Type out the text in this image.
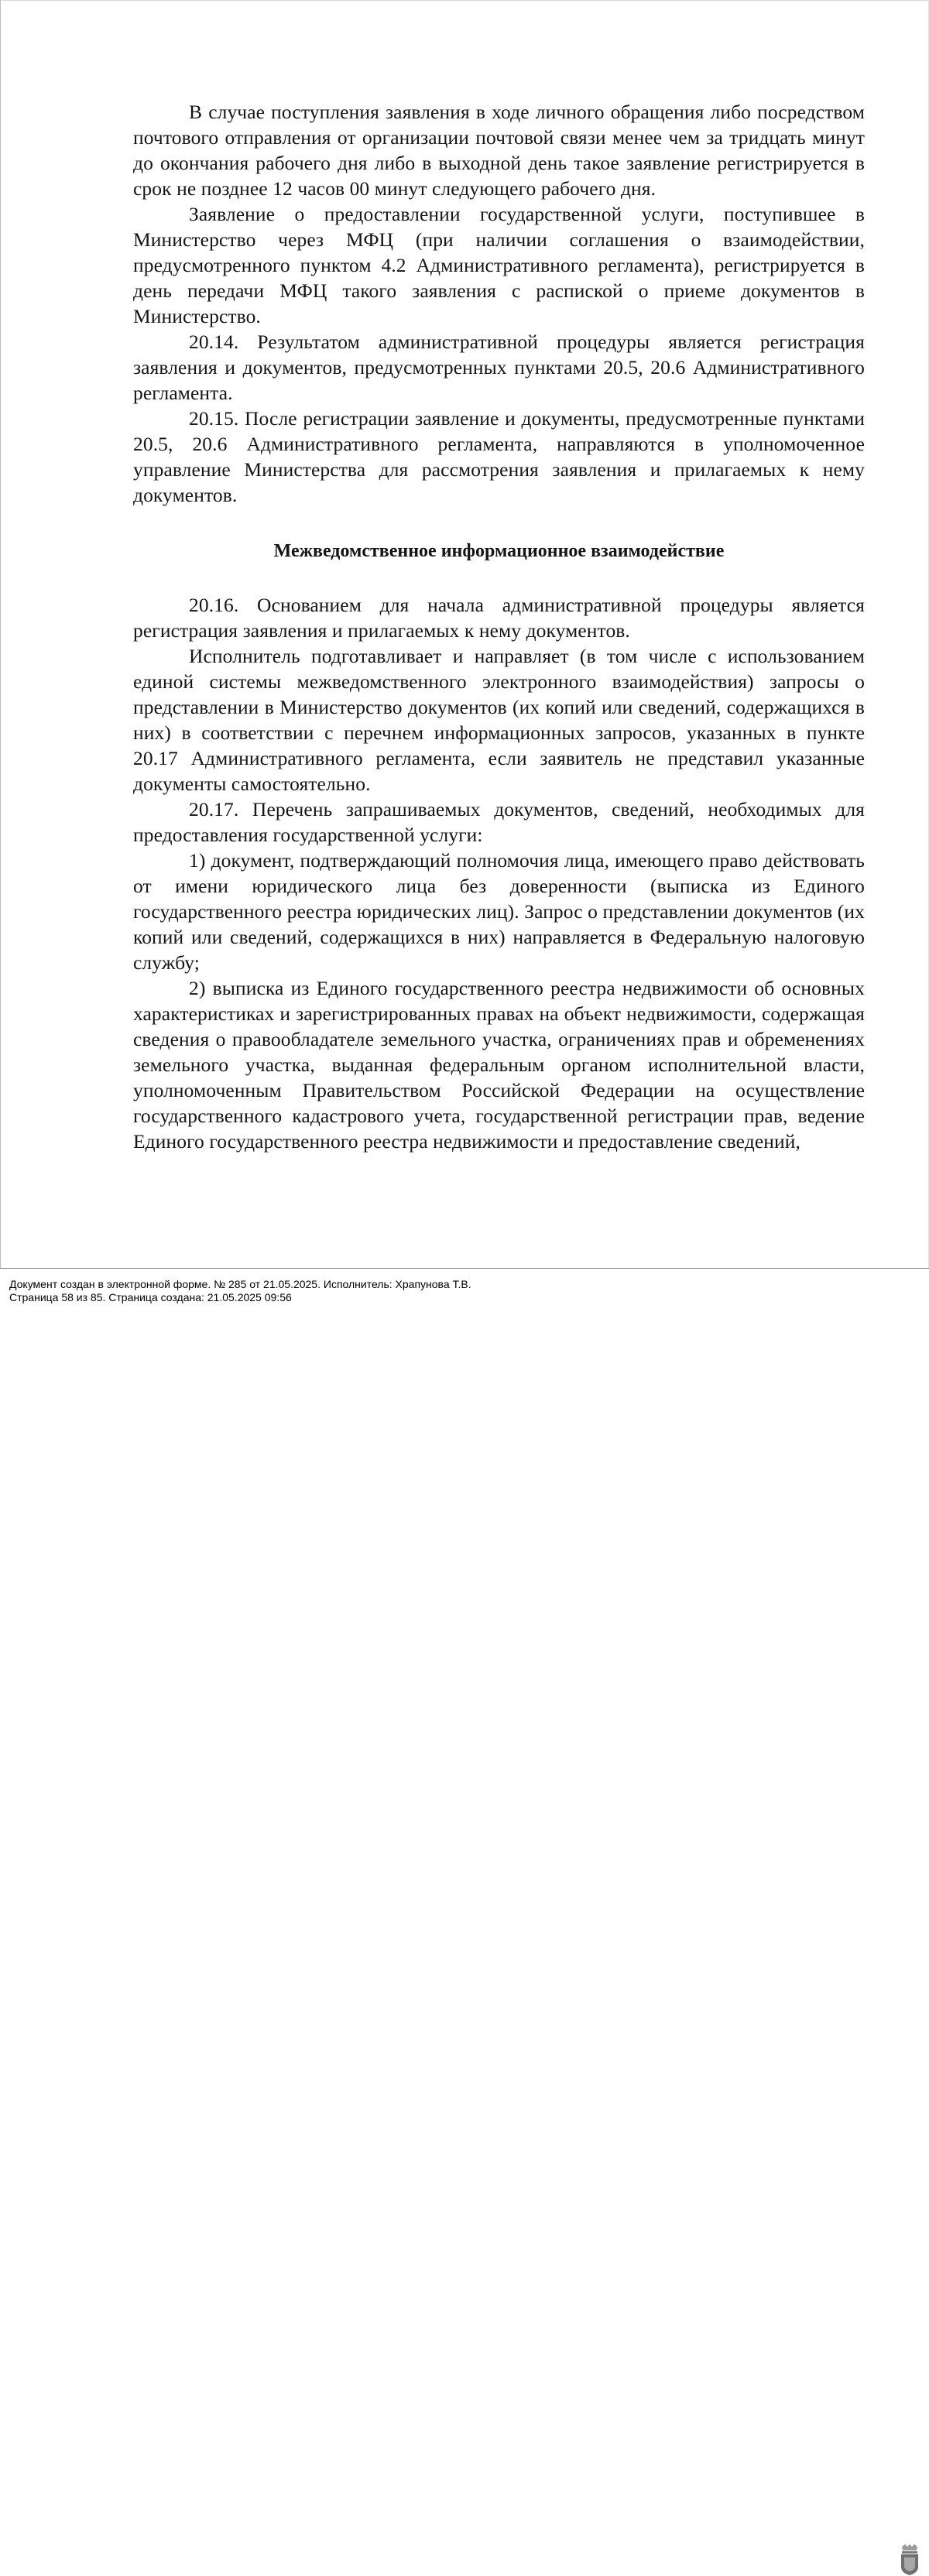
В случае поступления заявления в ходе личного обращения либо посредством почтового отправления от организации почтовой связи менее чем за тридцать минут до окончания рабочего дня либо в выходной день такое заявление регистрируется в срок не позднее 12 часов 00 минут следующего рабочего дня.

Заявление о предоставлении государственной услуги, поступившее в Министерство через МФЦ (при наличии соглашения о взаимодействии, предусмотренного пунктом 4.2 Административного регламента), регистрируется в день передачи МФЦ такого заявления с распиской о приеме документов в Министерство.

20.14. Результатом административной процедуры является регистрация заявления и документов, предусмотренных пунктами 20.5, 20.6 Административного регламента.

20.15. После регистрации заявление и документы, предусмотренные пунктами 20.5, 20.6 Административного регламента, направляются в уполномоченное управление Министерства для рассмотрения заявления и прилагаемых к нему документов.

Межведомственное информационное взаимодействие

20.16. Основанием для начала административной процедуры является регистрация заявления и прилагаемых к нему документов.

Исполнитель подготавливает и направляет (в том числе с использованием единой системы межведомственного электронного взаимодействия) запросы о представлении в Министерство документов (их копий или сведений, содержащихся в них) в соответствии с перечнем информационных запросов, указанных в пункте 20.17 Административного регламента, если заявитель не представил указанные документы самостоятельно.

20.17. Перечень запрашиваемых документов, сведений, необходимых для предоставления государственной услуги:

1) документ, подтверждающий полномочия лица, имеющего право действовать от имени юридического лица без доверенности (выписка из Единого государственного реестра юридических лиц). Запрос о представлении документов (их копий или сведений, содержащихся в них) направляется в Федеральную налоговую службу;

2) выписка из Единого государственного реестра недвижимости об основных характеристиках и зарегистрированных правах на объект недвижимости, содержащая сведения о правообладателе земельного участка, ограничениях прав и обременениях земельного участка, выданная федеральным органом исполнительной власти, уполномоченным Правительством Российской Федерации на осуществление государственного кадастрового учета, государственной регистрации прав, ведение Единого государственного реестра недвижимости и предоставление сведений,

Документ создан в электронной форме. № 285 от 21.05.2025. Исполнитель: Храпунова Т.В.
Страница 58 из 85. Страница создана: 21.05.2025 09:56
